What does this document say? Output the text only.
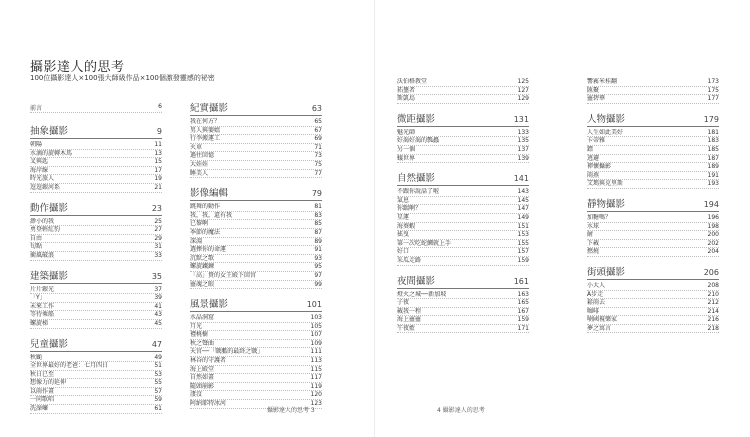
攝影達人的思考
100位攝影達人×100張大師級作品×100個激發靈感的祕密
前言	6
抽象攝影	9
朝陽	11
水滴的旋轉木馬	13
叉與匙	15
海岸線	17
時光旅人	19
逗逗銀河系	21
動作攝影	23
渺小的我	25
勇登輕紅豹	27
自由	29
旬點	31
衝風破浪	33
建築攝影	35
片片銀光	37
「Y」	39
未來工作	41
等待乘船	43
螺旋梯	45
兒童攝影	47
秋颱	49
全世界最好的老爸：七月四日	51
秋日已至	53
想像力的延伸	55
以雨作畫	57
一同歌唱	59
洗澡囉	61
紀實攝影	63
我在何方？	65
男人與嬰嬉	67
行李搬運工	69
火車	71
過往回憶	73
大娃娃	75
睡美人	77
影像編輯	79
跳舞的動作	81
我，我，還有我	83
已黎啊	85
季節的魔法	87
深淵	89
選擇你的命運	91
沉默之歌	93
螺旋鐵鍊	95
「高」貴的女王殿下回宮	97
靈魂之眼	99
風景攝影	101
水晶洞窟	103
月光	105
禮桃樹	107
秋之聲曲	109
天宮──「戰艦的最終之戰」	111
林谷的守護者	113
海上殿堂	115
自然如畫	117
隨頭崩影	119
淒沒	120
阿納耶特冰河	123
攝影達人的思考 3
沃伯格教堂	125
拓墾者	127
斯凱島	129
微距攝影	131
魅光師	133
好渴好渴的瓢蟲	135
另一個	137
蟻世界	139
自然攝影	141
不跟你說話了啦	143
氣息	145
你踹啊？	147
星運	149
海葵蝦	151
搖曳	153
第一次吃蛇鯛就上手	155
好口	157
采瓜走路	159
夜間攝影	161
燈火之城──新加坡	163
子夜	165
載我一程	167
海上靈靈	159
午夜藍	171
響霧米桂翻	173
匯聚	175
靈碧華	177
人物攝影	179
人生如此美好	181
卡蒂雅	183
鏢	185
逃避	187
禪懷攝影	189
雨燕	191
艾瑪與克里斯	193
靜物攝影	194
加糖嗎？	196
水球	198
耐	200
下載	202
燃燒	204
街頭攝影	206
小大人	208
Ä步走	210
鬆雨去	212
咖啡	214
喃國視樂家	216
夢之寓言	218
4 攝影達人的思考
